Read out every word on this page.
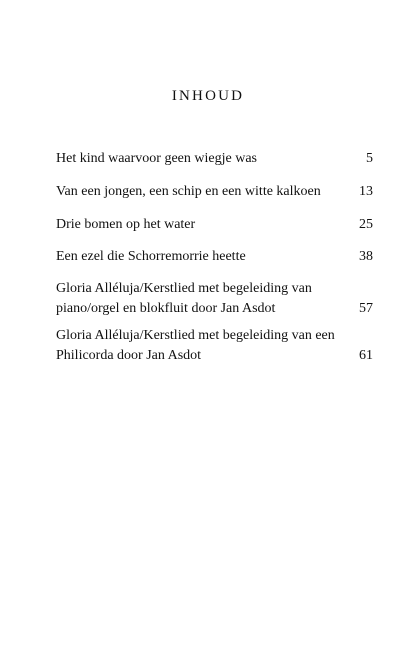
INHOUD
Het kind waarvoor geen wiegje was	5
Van een jongen, een schip en een witte kalkoen	13
Drie bomen op het water	25
Een ezel die Schorremorrie heette	38
Gloria Alléluja/Kerstlied met begeleiding van piano/orgel en blokfluit door Jan Asdot	57
Gloria Alléluja/Kerstlied met begeleiding van een Philicorda door Jan Asdot	61
